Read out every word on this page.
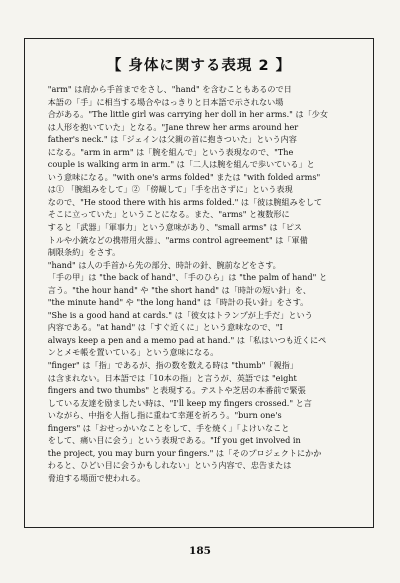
【 身体に関する表現 2 】

"arm" は肩から手首までをさし、"hand" を含むこともあるので日
本語の「手」に相当する場合やはっきりと日本語で示されない場
合がある。"The little girl was carrying her doll in her arms." は「少女
は人形を抱いていた」となる。"Jane threw her arms around her
father's neck." は「ジェインは父親の首に抱きついた」という内容
になる。"arm in arm" は「腕を組んで」という表現なので、"The
couple is walking arm in arm." は「二人は腕を組んで歩いている」と
いう意味になる。"with one's arms folded" または "with folded arms"
は① 「腕組みをして」② 「傍観して」「手を出さずに」という表現
なので、"He stood there with his arms folded." は「彼は腕組みをして
そこに立っていた」ということになる。また、"arms" と複数形に
すると「武器」「軍事力」という意味があり、"small arms" は「ピス
トルや小銃などの携帯用火器」、"arms control agreement" は「軍備
制限条約」をさす。

"hand" は人の手首から先の部分、時計の針、腕前などをさす。
「手の甲」は "the back of hand"、「手のひら」は "the palm of hand" と
言う。"the hour hand" や "the short hand" は「時計の短い針」を、
"the minute hand" や "the long hand" は「時計の長い針」をさす。
"She is a good hand at cards." は「彼女はトランプが上手だ」という
内容である。"at hand" は「すぐ近くに」という意味なので、"I
always keep a pen and a memo pad at hand." は「私はいつも近くにペ
ンとメモ帳を置いている」という意味になる。

"finger" は「指」であるが、指の数を数える時は "thumb"「親指」
は含まれない。日本語では「10本の指」と言うが、英語では "eight
fingers and two thumbs" と表現する。テストや芝居の本番前で緊張
している友達を励ましたい時は、"I'll keep my fingers crossed." と言
いながら、中指を人指し指に重ねて幸運を祈ろう。"burn one's
fingers" は「おせっかいなことをして、手を焼く」「よけいなこと
をして、痛い目に会う」という表現である。"If you get involved in
the project, you may burn your fingers." は「そのプロジェクトにかか
わると、ひどい目に会うかもしれない」という内容で、忠告または
脅迫する場面で使われる。

185
